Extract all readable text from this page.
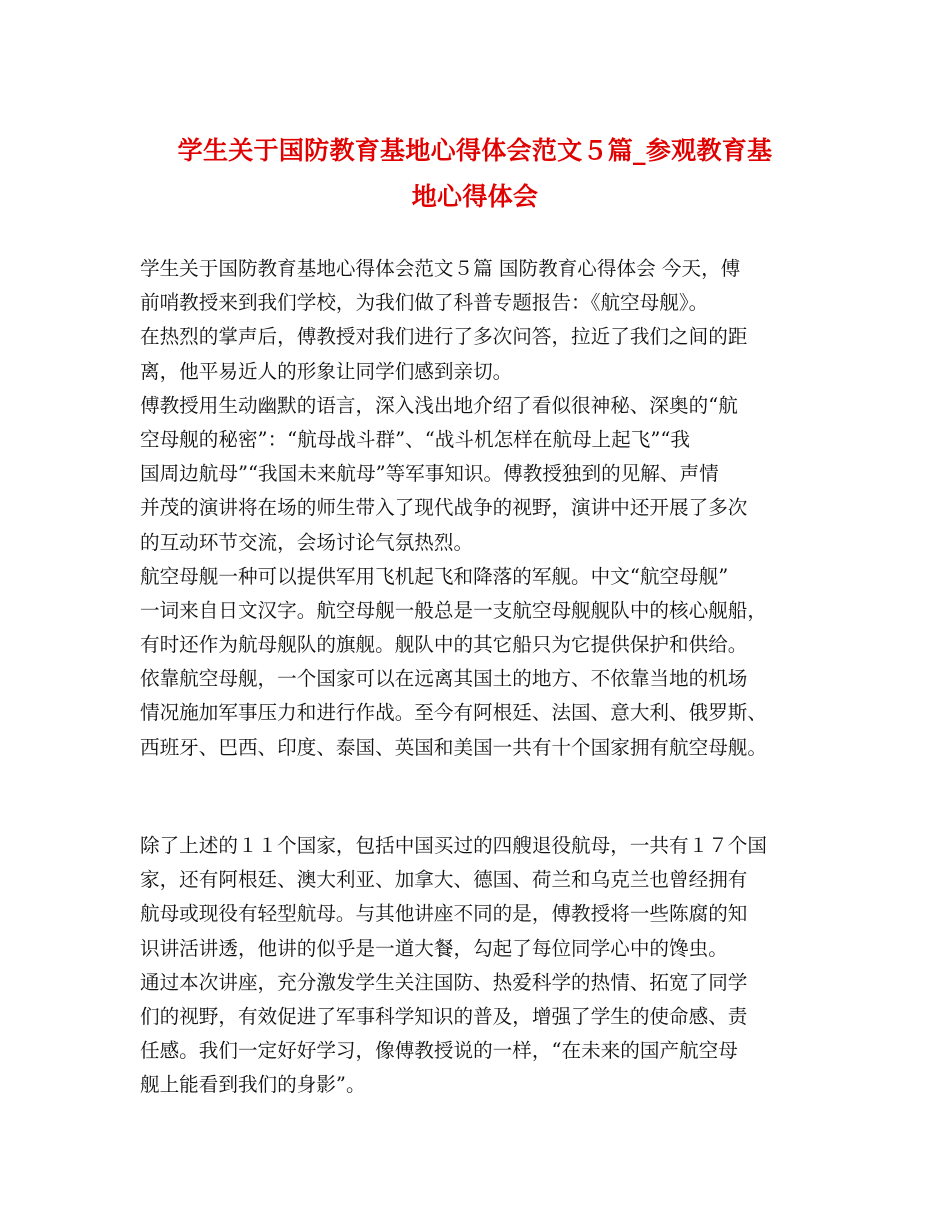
学生关于国防教育基地心得体会范文５篇_参观教育基
地心得体会
学生关于国防教育基地心得体会范文５篇 国防教育心得体会 今天，傅
前哨教授来到我们学校，为我们做了科普专题报告：《航空母舰》。
在热烈的掌声后，傅教授对我们进行了多次问答，拉近了我们之间的距
离，他平易近人的形象让同学们感到亲切。
傅教授用生动幽默的语言，深入浅出地介绍了看似很神秘、深奥的“航
空母舰的秘密”：“航母战斗群”、“战斗机怎样在航母上起飞”“我
国周边航母”“我国未来航母”等军事知识。傅教授独到的见解、声情
并茂的演讲将在场的师生带入了现代战争的视野，演讲中还开展了多次
的互动环节交流，会场讨论气氛热烈。
航空母舰一种可以提供军用飞机起飞和降落的军舰。中文“航空母舰”
一词来自日文汉字。航空母舰一般总是一支航空母舰舰队中的核心舰船，
有时还作为航母舰队的旗舰。舰队中的其它船只为它提供保护和供给。
依靠航空母舰，一个国家可以在远离其国土的地方、不依靠当地的机场
情况施加军事压力和进行作战。至今有阿根廷、法国、意大利、俄罗斯、
西班牙、巴西、印度、泰国、英国和美国一共有十个国家拥有航空母舰。
除了上述的１１个国家，包括中国买过的四艘退役航母，一共有１７个国
家，还有阿根廷、澳大利亚、加拿大、德国、荷兰和乌克兰也曾经拥有
航母或现役有轻型航母。与其他讲座不同的是，傅教授将一些陈腐的知
识讲活讲透，他讲的似乎是一道大餐，勾起了每位同学心中的馋虫。
通过本次讲座，充分激发学生关注国防、热爱科学的热情、拓宽了同学
们的视野，有效促进了军事科学知识的普及，增强了学生的使命感、责
任感。我们一定好好学习，像傅教授说的一样，“在未来的国产航空母
舰上能看到我们的身影”。
